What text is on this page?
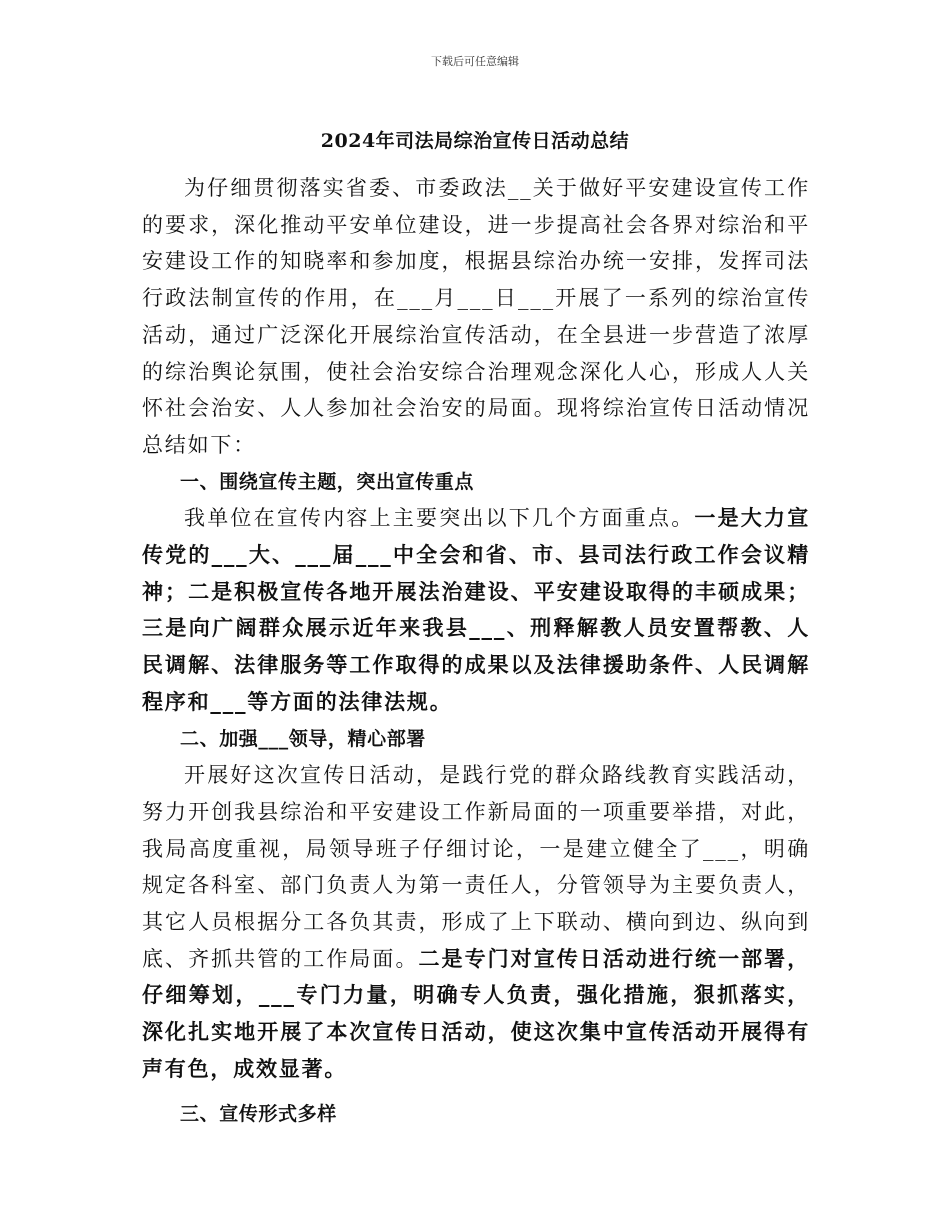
下载后可任意编辑
2024年司法局综治宣传日活动总结

为仔细贯彻落实省委、市委政法__关于做好平安建设宣传工作的要求，深化推动平安单位建设，进一步提高社会各界对综治和平安建设工作的知晓率和参加度，根据县综治办统一安排，发挥司法行政法制宣传的作用，在___月___日___开展了一系列的综治宣传活动，通过广泛深化开展综治宣传活动，在全县进一步营造了浓厚的综治舆论氛围，使社会治安综合治理观念深化人心，形成人人关怀社会治安、人人参加社会治安的局面。现将综治宣传日活动情况总结如下：

一、围绕宣传主题，突出宣传重点

我单位在宣传内容上主要突出以下几个方面重点。一是大力宣传党的___大、___届___中全会和省、市、县司法行政工作会议精神；二是积极宣传各地开展法治建设、平安建设取得的丰硕成果；三是向广阔群众展示近年来我县___、刑释解教人员安置帮教、人民调解、法律服务等工作取得的成果以及法律援助条件、人民调解程序和___等方面的法律法规。

二、加强___领导，精心部署

开展好这次宣传日活动，是践行党的群众路线教育实践活动，努力开创我县综治和平安建设工作新局面的一项重要举措，对此，我局高度重视，局领导班子仔细讨论，一是建立健全了___，明确规定各科室、部门负责人为第一责任人，分管领导为主要负责人，其它人员根据分工各负其责，形成了上下联动、横向到边、纵向到底、齐抓共管的工作局面。二是专门对宣传日活动进行统一部署，仔细筹划，___专门力量，明确专人负责，强化措施，狠抓落实，深化扎实地开展了本次宣传日活动，使这次集中宣传活动开展得有声有色，成效显著。

三、宣传形式多样
